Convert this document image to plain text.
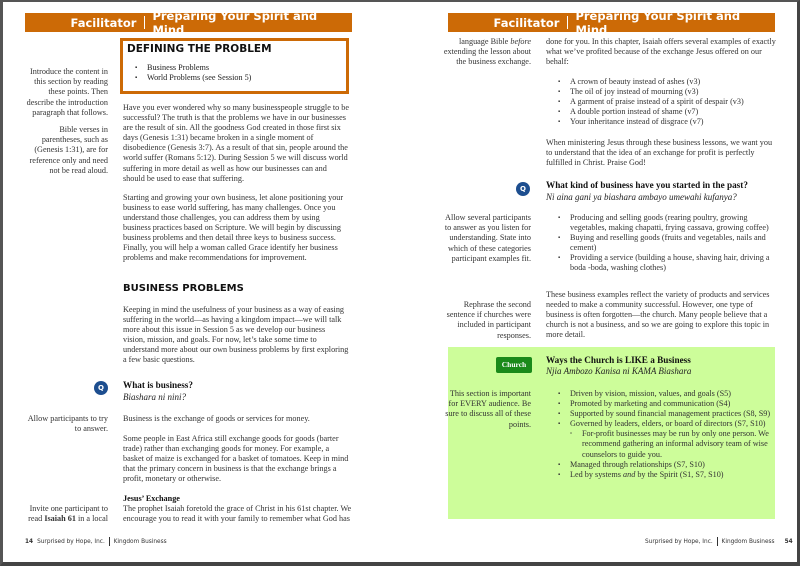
Facilitator	Preparing Your Spirit and Mind
DEFINING THE PROBLEM
▪ Business Problems
▪ World Problems (see Session 5)
Introduce the content in this section by reading these points. Then describe the introduction paragraph that follows.
Bible verses in parentheses, such as (Genesis 1:31), are for reference only and need not be read aloud.

Have you ever wondered why so many businesspeople struggle to be successful? The truth is that the problems we have in our businesses are the result of sin. All the goodness God created in those first six days (Genesis 1:31) became broken in a single moment of disobedience (Genesis 3:7). As a result of that sin, people around the world suffer (Romans 5:12). During Session 5 we will discuss world suffering in more detail as well as how our businesses can and should be used to ease that suffering.

Starting and growing your own business, let alone positioning your business to ease world suffering, has many challenges. Once you understand those challenges, you can address them by using business practices based on Scripture. We will begin by discussing business problems and then detail three keys to business success. Finally, you will help a woman called Grace identify her business problems and make recommendations for improvement.

BUSINESS PROBLEMS
Keeping in mind the usefulness of your business as a way of easing suffering in the world—as having a kingdom impact—we will talk more about this issue in Session 5 as we develop our business vision, mission, and goals. For now, let’s take some time to understand more about our own business problems by first exploring a few basic questions.
Q	What is business?
Biashara ni nini?
Allow participants to try to answer.
Business is the exchange of goods or services for money.
Some people in East Africa still exchange goods for goods (barter trade) rather than exchanging goods for money. For example, a basket of maize is exchanged for a basket of tomatoes. Keep in mind that the primary concern in business is that the exchange brings a profit, monetary or otherwise.
Jesus’ Exchange
The prophet Isaiah foretold the grace of Christ in his 61st chapter. We encourage you to read it with your family to remember what God has
Invite one participant to read Isaiah 61 in a local
14 Surprised by Hope, Inc. Kingdom Business
Facilitator	Preparing Your Spirit and Mind
language Bible before extending the lesson about the business exchange.
done for you. In this chapter, Isaiah offers several examples of exactly what we’ve profited because of the exchange Jesus offered on our behalf:
▪ A crown of beauty instead of ashes (v3)
▪ The oil of joy instead of mourning (v3)
▪ A garment of praise instead of a spirit of despair (v3)
▪ A double portion instead of shame (v7)
▪ Your inheritance instead of disgrace (v7)
When ministering Jesus through these business lessons, we want you to understand that the idea of an exchange for profit is perfectly fulfilled in Christ. Praise God!
Q	What kind of business have you started in the past?
Ni aina gani ya biashara ambayo umewahi kufanya?
Allow several participants to answer as you listen for understanding. State into which of these categories participant examples fit.
▪ Producing and selling goods (rearing poultry, growing vegetables, making chapatti, frying cassava, growing coffee)
▪ Buying and reselling goods (fruits and vegetables, nails and cement)
▪ Providing a service (building a house, shaving hair, driving a boda -boda, washing clothes)
Rephrase the second sentence if churches were included in participant responses.
These business examples reflect the variety of products and services needed to make a community successful. However, one type of business is often forgotten—the church. Many people believe that a church is not a business, and so we are going to explore this topic in more detail.
Church	Ways the Church is LIKE a Business
Njia Ambozo Kanisa ni KAMA Biashara
This section is important for EVERY audience. Be sure to discuss all of these points.
▪ Driven by vision, mission, values, and goals (S5)
▪ Promoted by marketing and communication (S4)
▪ Supported by sound financial management practices (S8, S9)
▪ Governed by leaders, elders, or board of directors (S7, S10)
▫ For-profit businesses may be run by only one person. We recommend gathering an informal advisory team of wise counselors to guide you.
▪ Managed through relationships (S7, S10)
▪ Led by systems and by the Spirit (S1, S7, S10)
Surprised by Hope, Inc. Kingdom Business 54
